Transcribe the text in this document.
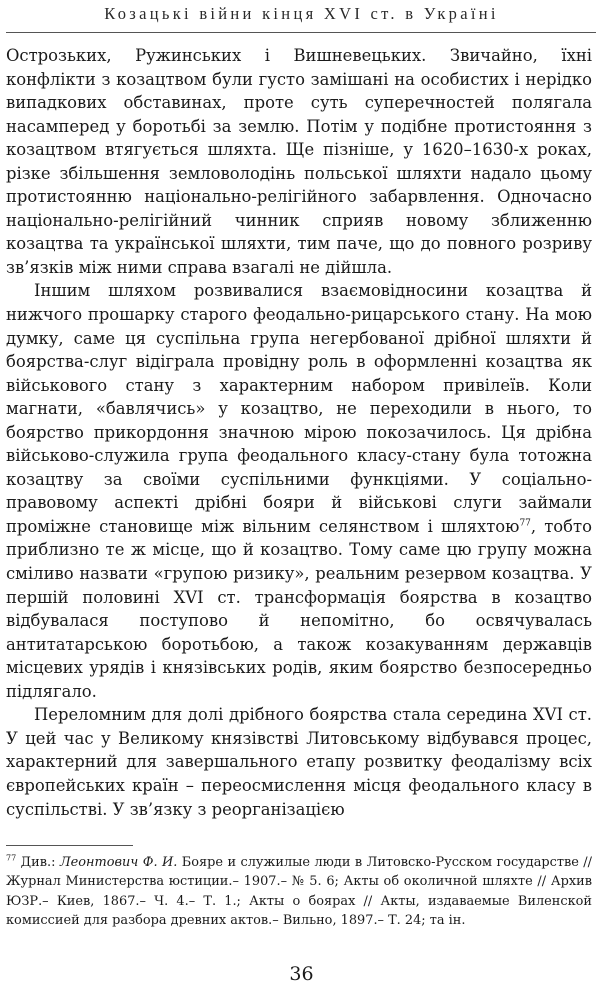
Козацькі війни кінця XVI ст. в Україні

Острозьких, Ружинських і Вишневецьких. Звичайно, їхні конфлікти з козацтвом були густо замішані на особистих і нерідко випадкових обставинах, проте суть суперечностей полягала насамперед у боротьбі за землю. Потім у подібне протистояння з козацтвом втягується шляхта. Ще пізніше, у 1620–1630-х роках, різке збільшення земловолодінь польської шляхти надало цьому протистоянню національно-релігійного забарвлення. Одночасно національно-релігійний чинник сприяв новому зближенню козацтва та української шляхти, тим паче, що до повного розриву зв’язків між ними справа взагалі не дійшла.

Іншим шляхом розвивалися взаємовідносини козацтва й нижчого прошарку старого феодально-рицарського стану. На мою думку, саме ця суспільна група негербованої дрібної шляхти й боярства-слуг відіграла провідну роль в оформленні козацтва як військового стану з характерним набором привілеїв. Коли магнати, «бавлячись» у козацтво, не переходили в нього, то боярство прикордоння значною мірою покозачилось. Ця дрібна військово-служила група феодального класу-стану була тотожна козацтву за своїми суспільними функціями. У соціально-правовому аспекті дрібні бояри й військові слуги займали проміжне становище між вільним селянством і шляхтою$^{77}$, тобто приблизно те ж місце, що й козацтво. Тому саме цю групу можна сміливо назвати «групою ризику», реальним резервом козацтва. У першій половині XVI ст. трансформація боярства в козацтво відбувалася поступово й непомітно, бо освячувалась антитатарською боротьбою, а також козакуванням державців місцевих урядів і князівських родів, яким боярство безпосередньо підлягало.

Переломним для долі дрібного боярства стала середина XVI ст. У цей час у Великому князівстві Литовському відбувався процес, характерний для завершального етапу розвитку феодалізму всіх європейських країн – переосмислення місця феодального класу в суспільстві. У зв’язку з реорганізацією

$^{77}$ Див.: Леонтович Ф. И. Бояре и служилые люди в Литовско-Русском государстве // Журнал Министерства юстиции.– 1907.– № 5. 6; Акты об околичной шляхте // Архив ЮЗР.– Киев, 1867.– Ч. 4.– Т. 1.; Акты о боярах // Акты, издаваемые Виленской комиссией для разбора древних актов.– Вильно, 1897.– Т. 24; та ін.
36
